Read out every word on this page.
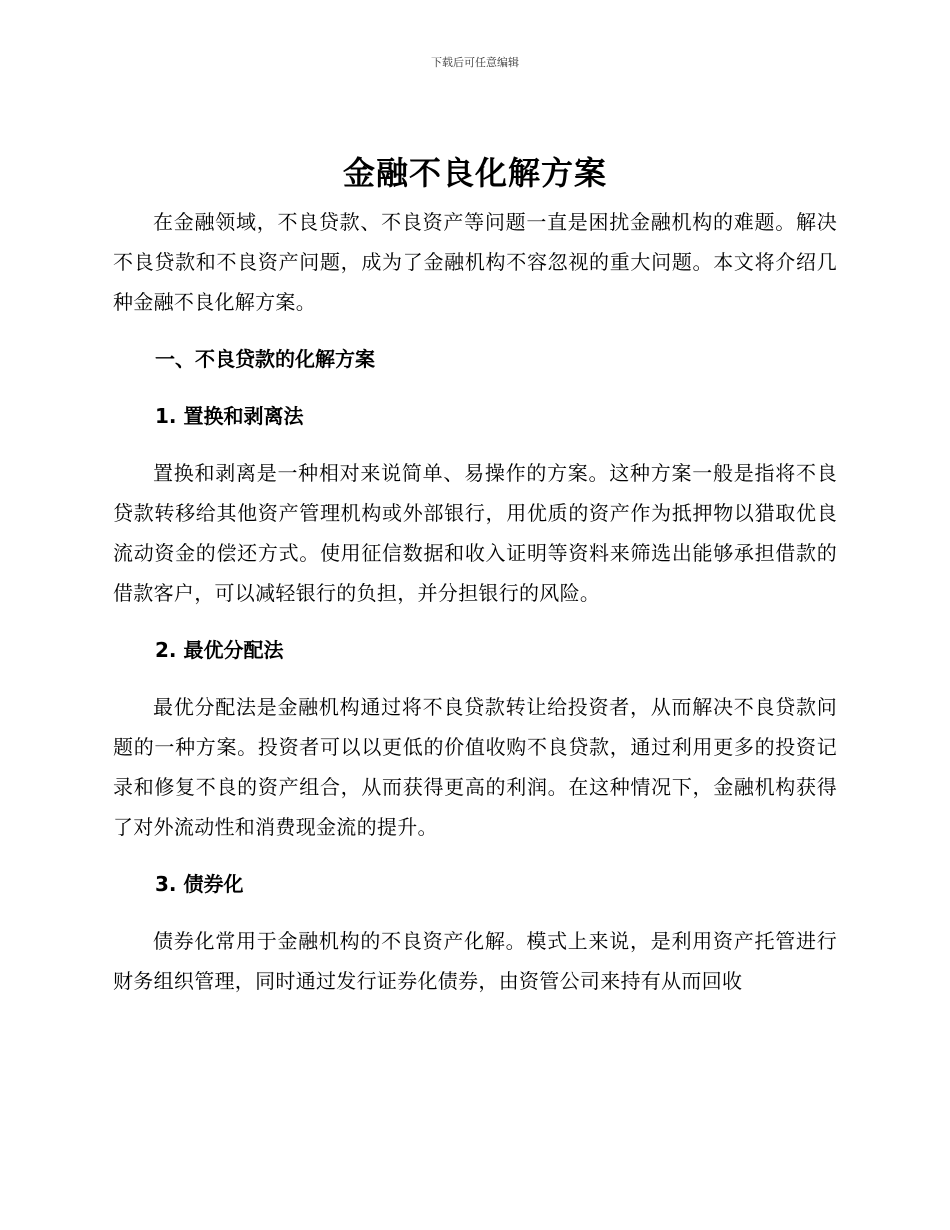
下载后可任意编辑
金融不良化解方案

在金融领域，不良贷款、不良资产等问题一直是困扰金融机构的难题。解决不良贷款和不良资产问题，成为了金融机构不容忽视的重大问题。本文将介绍几种金融不良化解方案。

一、不良贷款的化解方案

1. 置换和剥离法

置换和剥离是一种相对来说简单、易操作的方案。这种方案一般是指将不良贷款转移给其他资产管理机构或外部银行，用优质的资产作为抵押物以猎取优良流动资金的偿还方式。使用征信数据和收入证明等资料来筛选出能够承担借款的借款客户，可以减轻银行的负担，并分担银行的风险。

2. 最优分配法

最优分配法是金融机构通过将不良贷款转让给投资者，从而解决不良贷款问题的一种方案。投资者可以以更低的价值收购不良贷款，通过利用更多的投资记录和修复不良的资产组合，从而获得更高的利润。在这种情况下，金融机构获得了对外流动性和消费现金流的提升。

3. 债券化

债券化常用于金融机构的不良资产化解。模式上来说，是利用资产托管进行财务组织管理，同时通过发行证券化债券，由资管公司来持有从而回收
